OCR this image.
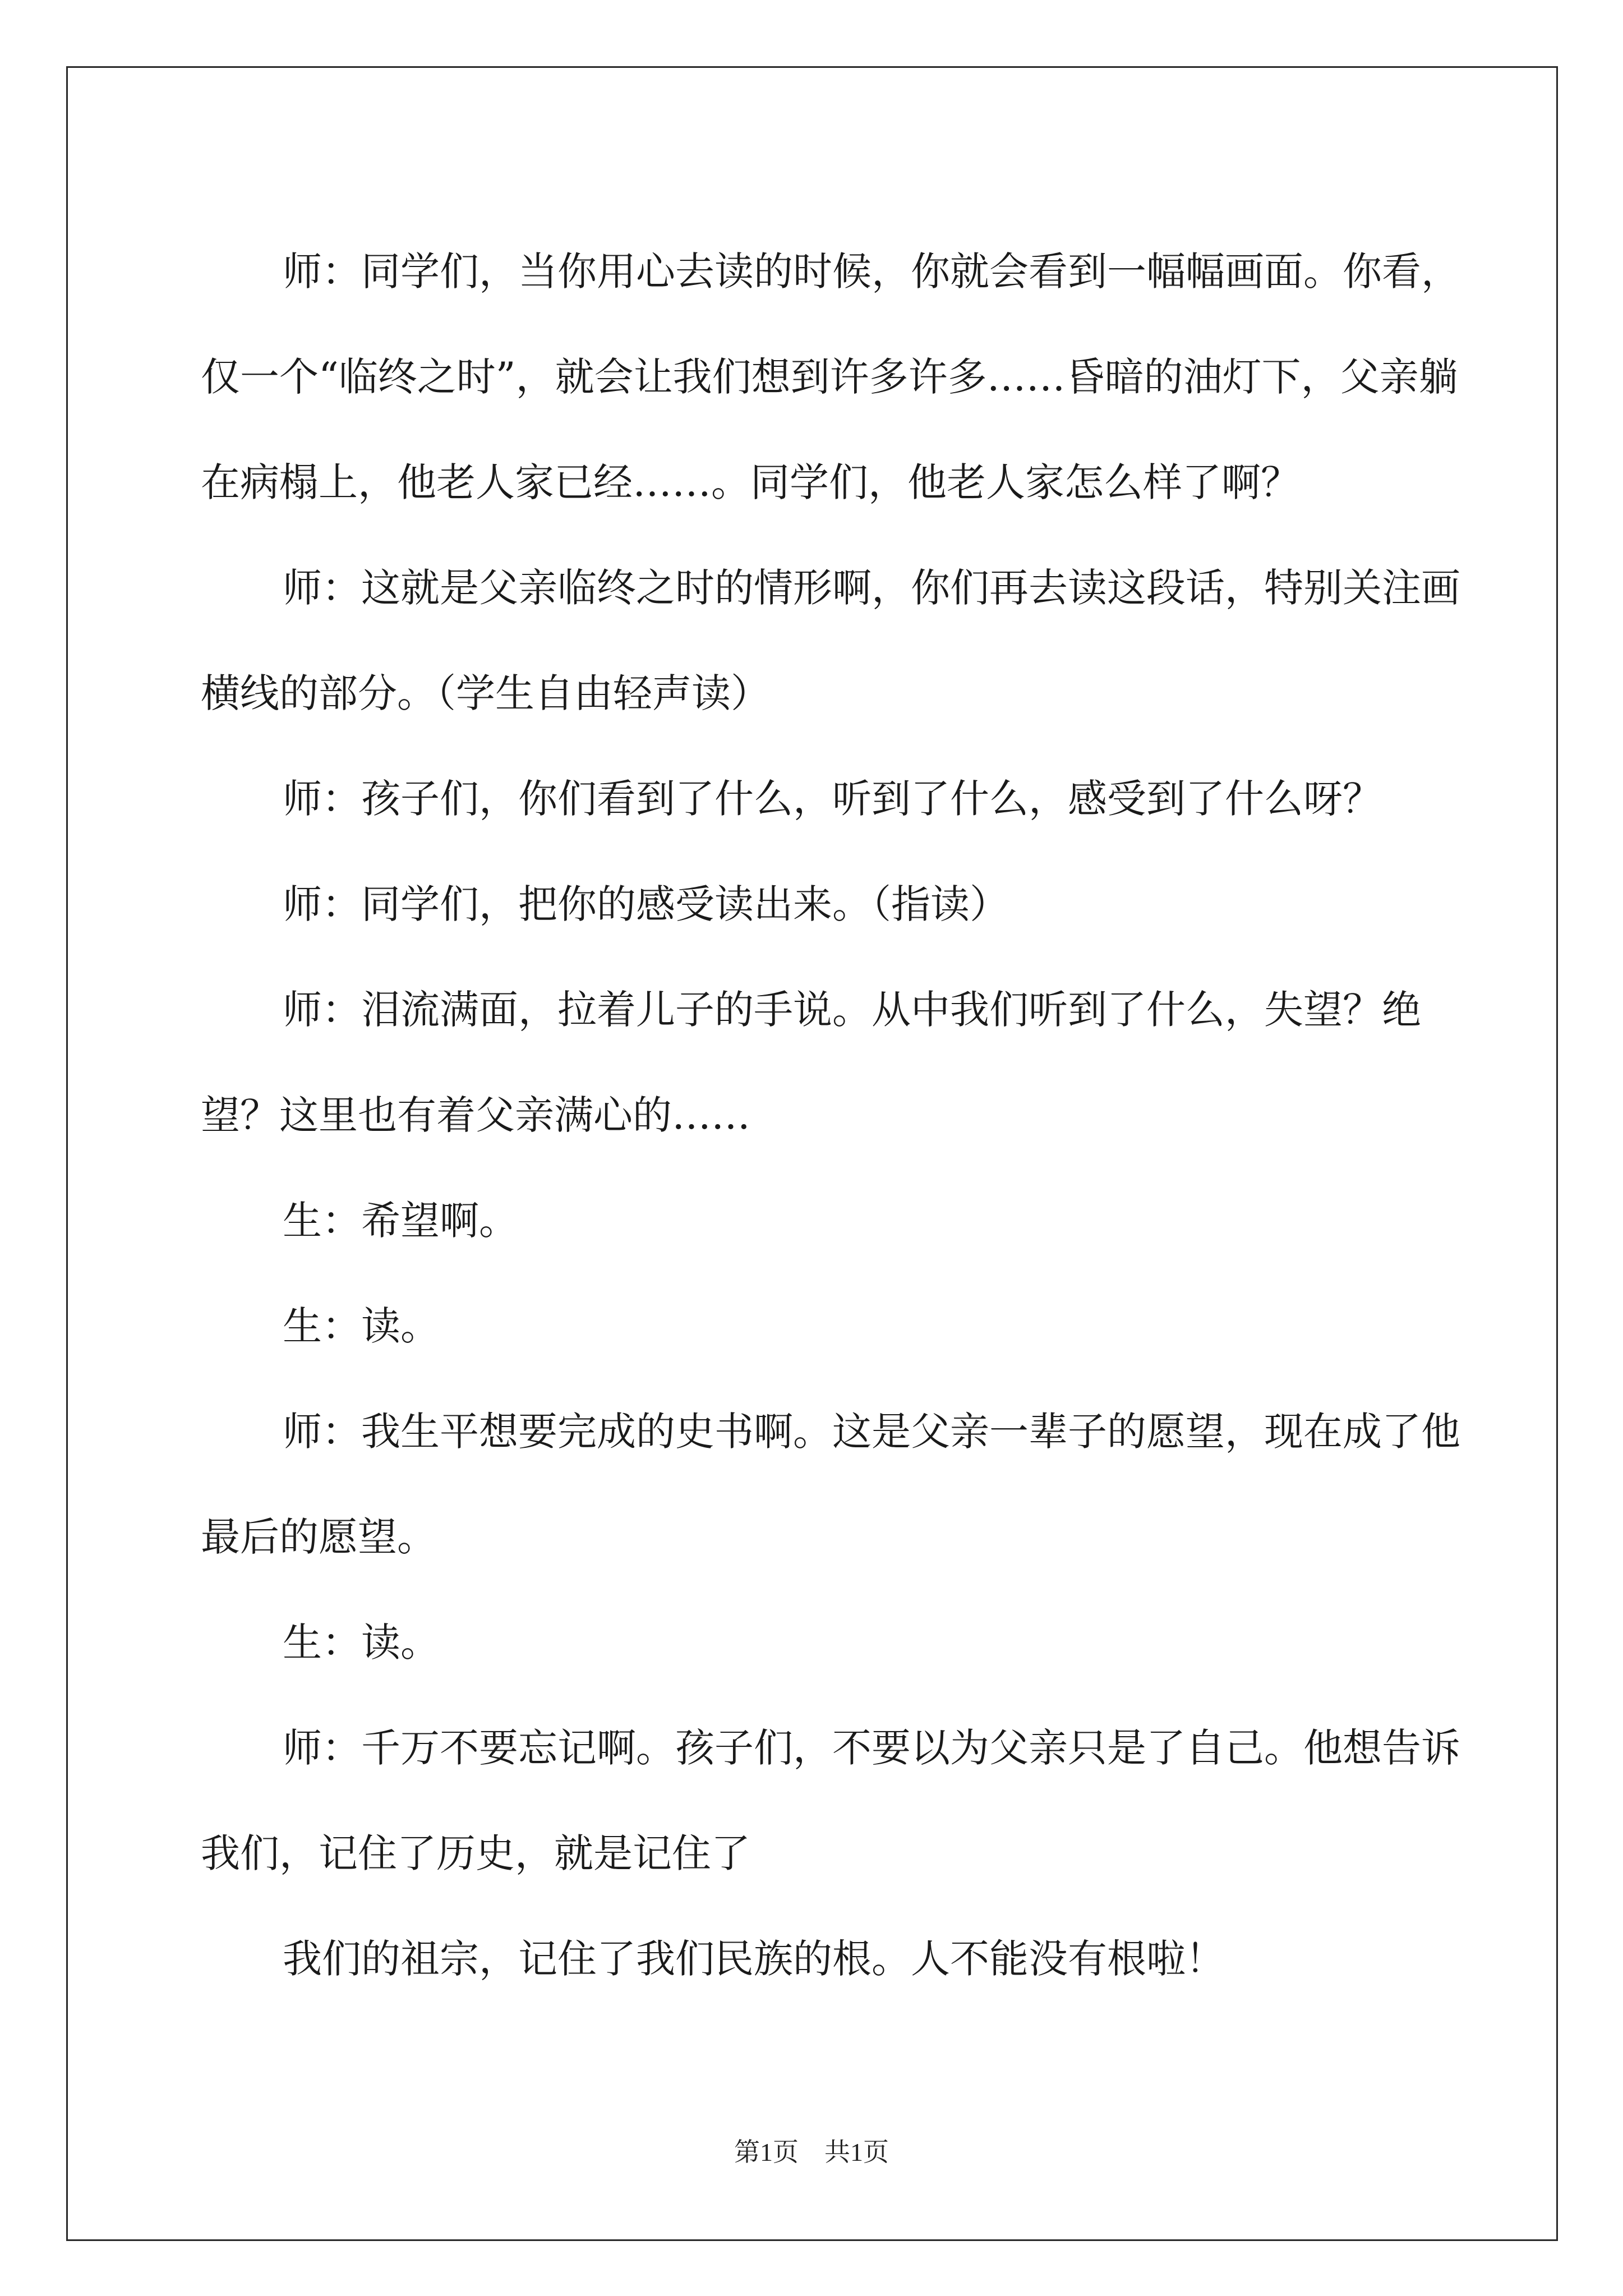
师：同学们，当你用心去读的时候，你就会看到一幅幅画面。你看，仅一个“临终之时”，就会让我们想到许多许多……昏暗的油灯下，父亲躺在病榻上，他老人家已经……。同学们，他老人家怎么样了啊？

师：这就是父亲临终之时的情形啊，你们再去读这段话，特别关注画横线的部分。（学生自由轻声读）

师：孩子们，你们看到了什么，听到了什么，感受到了什么呀？

师：同学们，把你的感受读出来。（指读）

师：泪流满面，拉着儿子的手说。从中我们听到了什么，失望？绝望？这里也有着父亲满心的……

生：希望啊。

生：读。

师：我生平想要完成的史书啊。这是父亲一辈子的愿望，现在成了他最后的愿望。

生：读。

师：千万不要忘记啊。孩子们，不要以为父亲只是了自己。他想告诉我们，记住了历史，就是记住了

我们的祖宗，记住了我们民族的根。人不能没有根啦！

第1页　共1页
